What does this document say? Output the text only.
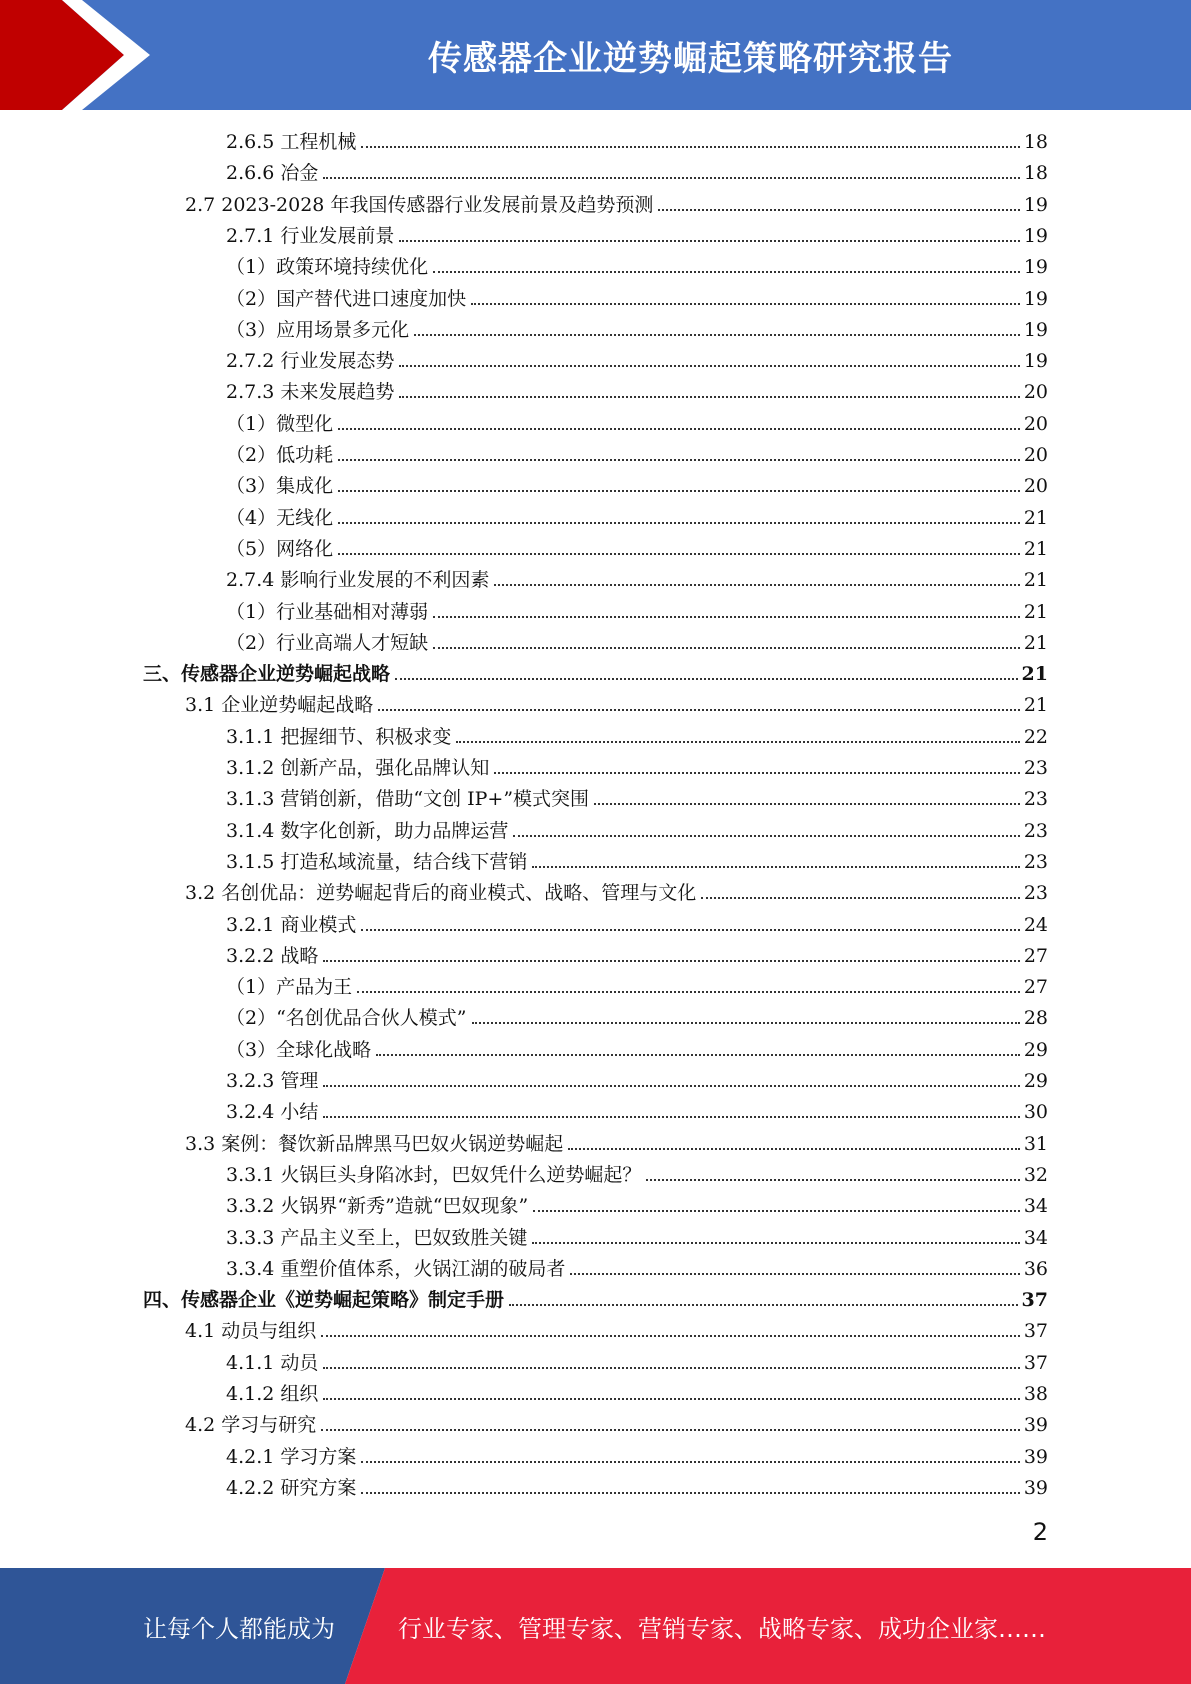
传感器企业逆势崛起策略研究报告
2.6.5 工程机械	18
2.6.6 冶金	18
2.7 2023-2028 年我国传感器行业发展前景及趋势预测	19
2.7.1 行业发展前景	19
（1）政策环境持续优化	19
（2）国产替代进口速度加快	19
（3）应用场景多元化	19
2.7.2 行业发展态势	19
2.7.3 未来发展趋势	20
（1）微型化	20
（2）低功耗	20
（3）集成化	20
（4）无线化	21
（5）网络化	21
2.7.4 影响行业发展的不利因素	21
（1）行业基础相对薄弱	21
（2）行业高端人才短缺	21
三、传感器企业逆势崛起战略	21
3.1 企业逆势崛起战略	21
3.1.1 把握细节、积极求变	22
3.1.2 创新产品，强化品牌认知	23
3.1.3 营销创新，借助“文创 IP+”模式突围	23
3.1.4 数字化创新，助力品牌运营	23
3.1.5 打造私域流量，结合线下营销	23
3.2 名创优品：逆势崛起背后的商业模式、战略、管理与文化	23
3.2.1 商业模式	24
3.2.2 战略	27
（1）产品为王	27
（2）“名创优品合伙人模式”	28
（3）全球化战略	29
3.2.3 管理	29
3.2.4 小结	30
3.3 案例：餐饮新品牌黑马巴奴火锅逆势崛起	31
3.3.1 火锅巨头身陷冰封，巴奴凭什么逆势崛起？	32
3.3.2 火锅界“新秀”造就“巴奴现象”	34
3.3.3 产品主义至上，巴奴致胜关键	34
3.3.4 重塑价值体系，火锅江湖的破局者	36
四、传感器企业《逆势崛起策略》制定手册	37
4.1 动员与组织	37
4.1.1 动员	37
4.1.2 组织	38
4.2 学习与研究	39
4.2.1 学习方案	39
4.2.2 研究方案	39
2
让每个人都能成为	行业专家、管理专家、营销专家、战略专家、成功企业家……
